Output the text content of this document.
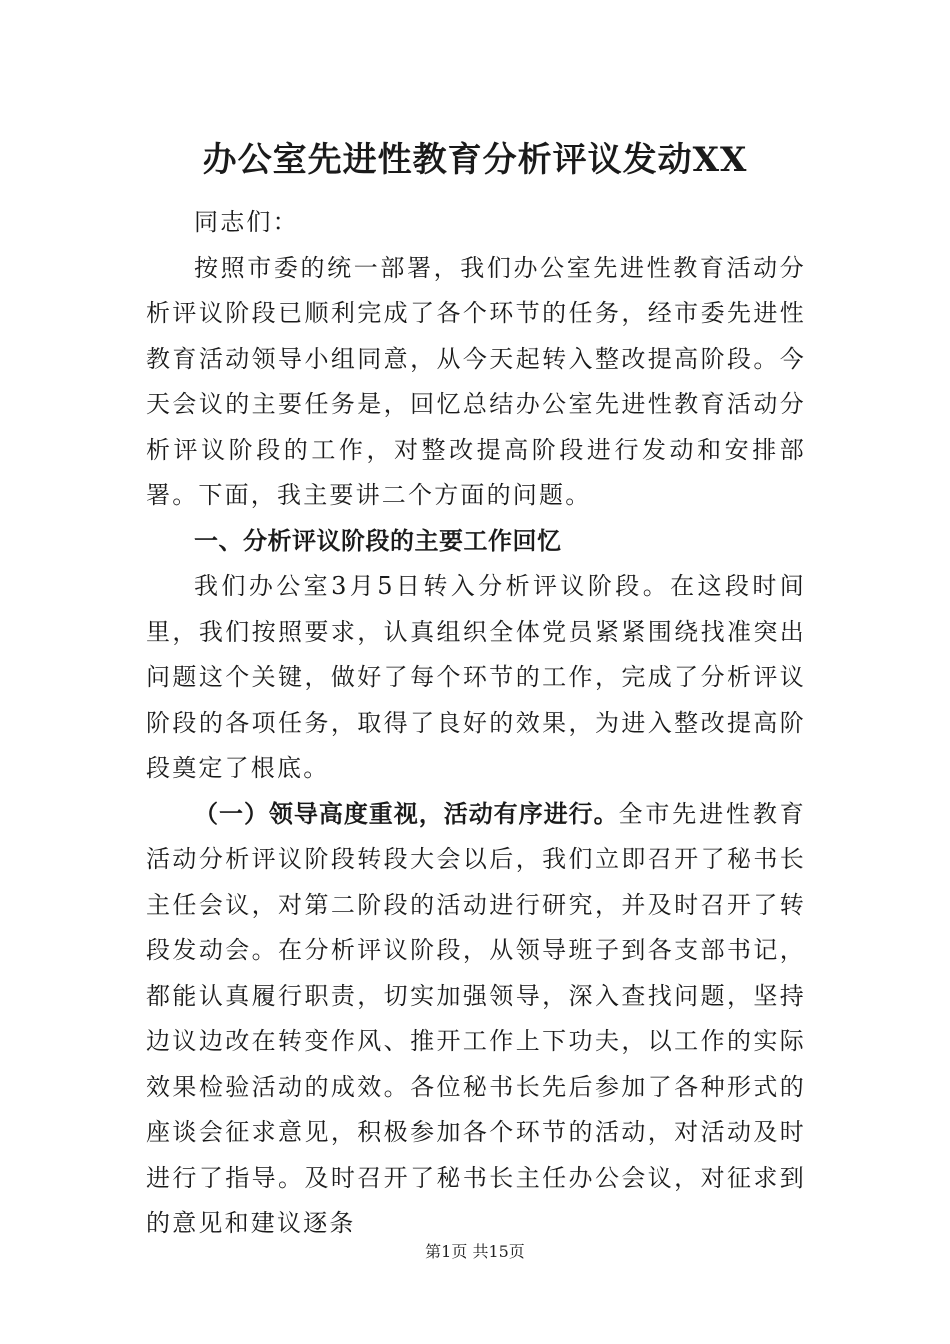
办公室先进性教育分析评议发动XX

同志们：

按照市委的统一部署，我们办公室先进性教育活动分析评议阶段已顺利完成了各个环节的任务，经市委先进性教育活动领导小组同意，从今天起转入整改提高阶段。今天会议的主要任务是，回忆总结办公室先进性教育活动分析评议阶段的工作，对整改提高阶段进行发动和安排部署。下面，我主要讲二个方面的问题。

一、分析评议阶段的主要工作回忆

我们办公室3月5日转入分析评议阶段。在这段时间里，我们按照要求，认真组织全体党员紧紧围绕找准突出问题这个关键，做好了每个环节的工作，完成了分析评议阶段的各项任务，取得了良好的效果，为进入整改提高阶段奠定了根底。

（一）领导高度重视，活动有序进行。全市先进性教育活动分析评议阶段转段大会以后，我们立即召开了秘书长主任会议，对第二阶段的活动进行研究，并及时召开了转段发动会。在分析评议阶段，从领导班子到各支部书记，都能认真履行职责，切实加强领导，深入查找问题，坚持边议边改在转变作风、推开工作上下功夫，以工作的实际效果检验活动的成效。各位秘书长先后参加了各种形式的座谈会征求意见，积极参加各个环节的活动，对活动及时进行了指导。及时召开了秘书长主任办公会议，对征求到的意见和建议逐条

第1页 共15页
